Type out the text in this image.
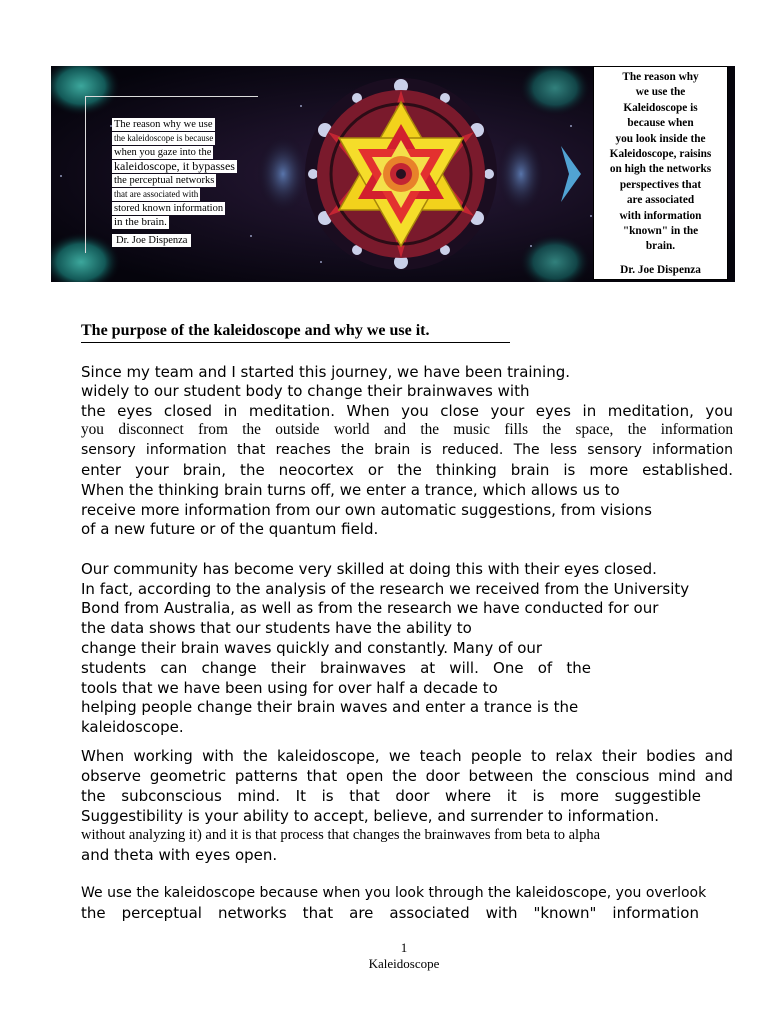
The reason why we use
the kaleidoscope is because
when you gaze into the
kaleidoscope, it bypasses
the perceptual networks
that are associated with
stored known information
in the brain.
Dr. Joe Dispenza
The reason why
we use the
Kaleidoscope is
because when
you look inside the
Kaleidoscope, raisins
on high the networks
perspectives that
are associated
with information
"known" in the
brain.
Dr. Joe Dispenza
The purpose of the kaleidoscope and why we use it.
Since my team and I started this journey, we have been training.
widely to our student body to change their brainwaves with
the eyes closed in meditation. When you close your eyes in meditation, you
you disconnect from the outside world and the music fills the space, the information
sensory information that reaches the brain is reduced. The less sensory information
enter your brain, the neocortex or the thinking brain is more established.
When the thinking brain turns off, we enter a trance, which allows us to
receive more information from our own automatic suggestions, from visions
of a new future or of the quantum field.
Our community has become very skilled at doing this with their eyes closed.
In fact, according to the analysis of the research we received from the University
Bond from Australia, as well as from the research we have conducted for our
the data shows that our students have the ability to
change their brain waves quickly and constantly. Many of our
students can change their brainwaves at will. One of the
tools that we have been using for over half a decade to
helping people change their brain waves and enter a trance is the
kaleidoscope.
When working with the kaleidoscope, we teach people to relax their bodies and
observe geometric patterns that open the door between the conscious mind and
the subconscious mind. It is that door where it is more suggestible
Suggestibility is your ability to accept, believe, and surrender to information.
without analyzing it) and it is that process that changes the brainwaves from beta to alpha
and theta with eyes open.
We use the kaleidoscope because when you look through the kaleidoscope, you overlook
the perceptual networks that are associated with "known" information
1
Kaleidoscope
